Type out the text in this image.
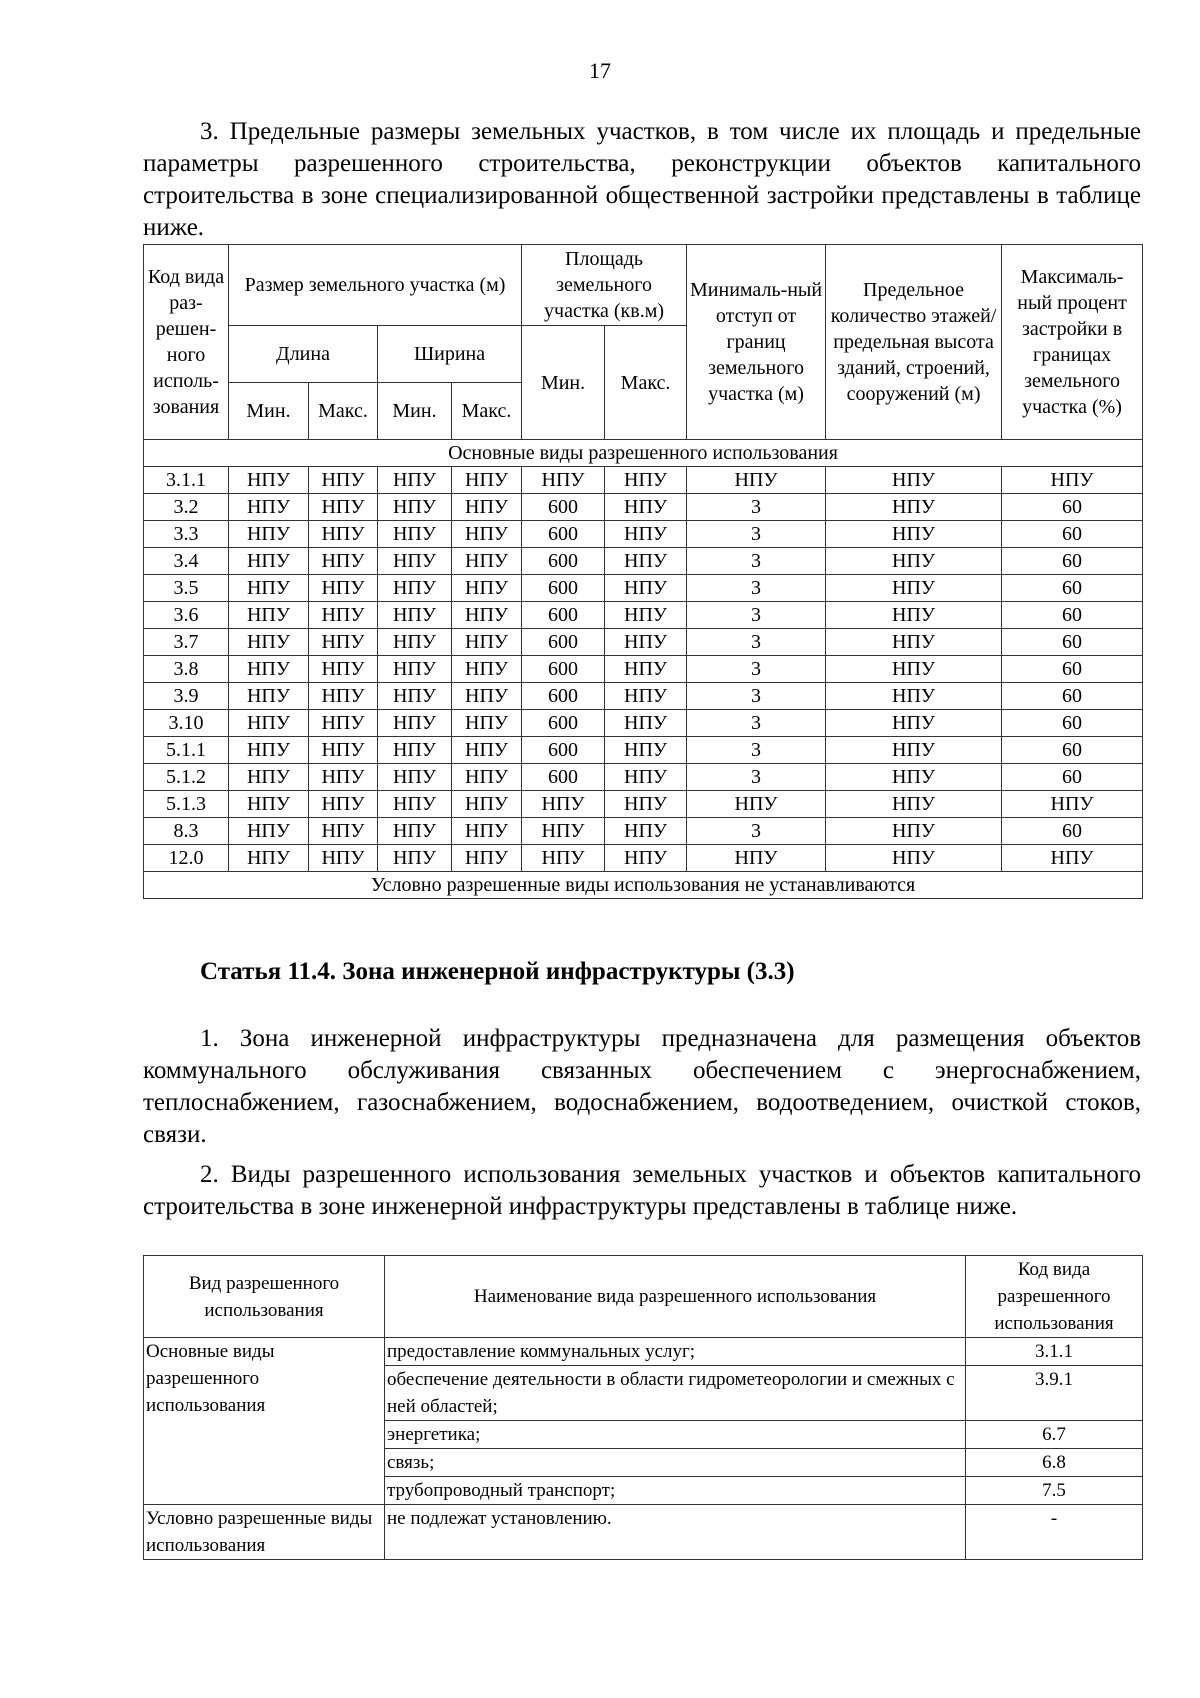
17

3. Предельные размеры земельных участков, в том числе их площадь и предельные параметры разрешенного строительства, реконструкции объектов капитального строительства в зоне специализированной общественной застройки представлены в таблице ниже.

Код вида раз-решен-ного исполь-зования	Размер земельного участка (м)				Площадь земельного участка (кв.м)		Минималь-ный отступ от границ земельного участка (м)	Предельное количество этажей/ предельная высота зданий, строений, сооружений (м)	Максималь-ный процент застройки в границах земельного участка (%)
	Длина		Ширина		Мин.	Макс.			
	Мин.	Макс.	Мин.	Макс.					
Основные виды разрешенного использования									
3.1.1	НПУ	НПУ	НПУ	НПУ	НПУ	НПУ	НПУ	НПУ	НПУ
3.2	НПУ	НПУ	НПУ	НПУ	600	НПУ	3	НПУ	60
3.3	НПУ	НПУ	НПУ	НПУ	600	НПУ	3	НПУ	60
3.4	НПУ	НПУ	НПУ	НПУ	600	НПУ	3	НПУ	60
3.5	НПУ	НПУ	НПУ	НПУ	600	НПУ	3	НПУ	60
3.6	НПУ	НПУ	НПУ	НПУ	600	НПУ	3	НПУ	60
3.7	НПУ	НПУ	НПУ	НПУ	600	НПУ	3	НПУ	60
3.8	НПУ	НПУ	НПУ	НПУ	600	НПУ	3	НПУ	60
3.9	НПУ	НПУ	НПУ	НПУ	600	НПУ	3	НПУ	60
3.10	НПУ	НПУ	НПУ	НПУ	600	НПУ	3	НПУ	60
5.1.1	НПУ	НПУ	НПУ	НПУ	600	НПУ	3	НПУ	60
5.1.2	НПУ	НПУ	НПУ	НПУ	600	НПУ	3	НПУ	60
5.1.3	НПУ	НПУ	НПУ	НПУ	НПУ	НПУ	НПУ	НПУ	НПУ
8.3	НПУ	НПУ	НПУ	НПУ	НПУ	НПУ	3	НПУ	60
12.0	НПУ	НПУ	НПУ	НПУ	НПУ	НПУ	НПУ	НПУ	НПУ
Условно разрешенные виды использования не устанавливаются									
Статья 11.4. Зона инженерной инфраструктуры (3.3)

1. Зона инженерной инфраструктуры предназначена для размещения объектов коммунального обслуживания связанных обеспечением с энергоснабжением, теплоснабжением, газоснабжением, водоснабжением, водоотведением, очисткой стоков, связи.

2. Виды разрешенного использования земельных участков и объектов капитального строительства в зоне инженерной инфраструктуры представлены в таблице ниже.

Вид разрешенного использования	Наименование вида разрешенного использования	Код вида разрешенного использования
Основные виды разрешенного использования	предоставление коммунальных услуг;	3.1.1
	обеспечение деятельности в области гидрометеорологии и смежных с ней областей;	3.9.1
	энергетика;	6.7
	связь;	6.8
	трубопроводный транспорт;	7.5
Условно разрешенные виды использования	не подлежат установлению.	-
